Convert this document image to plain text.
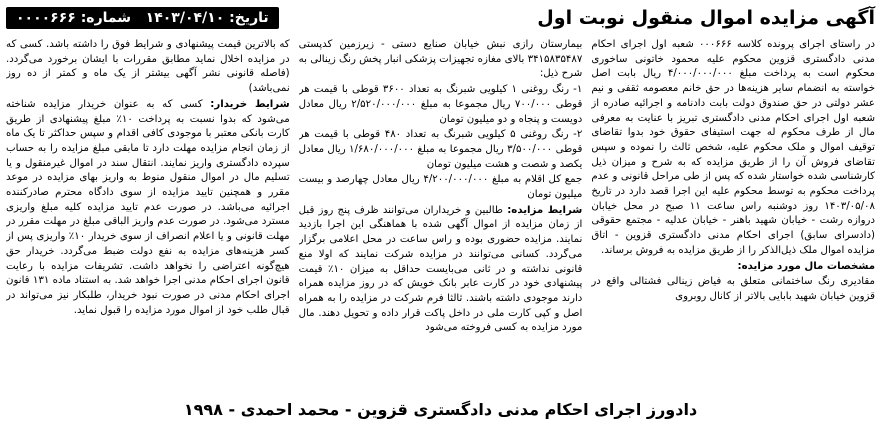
آگهی مزایده اموال منقول نوبت اول
تاریخ: ۱۴۰۳/۰۴/۱۰   شماره: ۰۰۰۰۶۶۶

در راستای اجرای پرونده کلاسه ۰۰۰۶۶۶ شعبه اول اجرای احکام مدنی دادگستری قزوین محکوم علیه محمود خاتونی ساخوری محکوم است به پرداخت مبلغ ۴/۰۰۰/۰۰۰/۰۰۰ ریال بابت اصل خواسته به انضمام سایر هزینه‌ها در حق خانم معصومه ثقفی و نیم عشر دولتی در حق صندوق دولت بابت دادنامه و اجرائیه صادره از شعبه اول اجرای احکام مدنی دادگستری تبریز با عنایت به معرفی مال از طرف محکوم له جهت استیفای حقوق خود بدوا تقاضای توقیف اموال و ملک محکوم علیه، شخص ثالث را نموده و سپس تقاضای فروش آن را از طریق مزایده که به شرح و میزان ذیل کارشناسی شده خواستار شده که پس از طی مراحل قانونی و عدم پرداخت محکوم به توسط محکوم علیه این اجرا قصد دارد در تاریخ ۱۴۰۳/۰۵/۰۸ روز دوشنبه راس ساعت ۱۱ صبح در محل خیابان دروازه رشت - خیابان شهید باهنر - خیابان عدلیه - مجتمع حقوقی (دادسرای سابق) اجرای احکام مدنی دادگستری قزوین - اتاق مزایده اموال ملک ذیل‌الذکر را از طریق مزایده به فروش برساند.

مشخصات مال مورد مزایده:

مقادیری رنگ ساختمانی متعلق به فیاض زینالی فشتالی واقع در قزوین خیابان شهید بابایی بالاتر از کانال روبروی

بیمارستان رازی نبش خیابان صنایع دستی - زیرزمین کدپستی ۳۴۱۵۸۳۵۴۸۷ بالای مغازه تجهیزات پزشکی انبار پخش رنگ زینالی به شرح ذیل:

۱- رنگ روغنی ۱ کیلویی شبرنگ به تعداد ۳۶۰۰ قوطی با قیمت هر قوطی ۷۰۰/۰۰۰ ریال مجموعا به مبلغ ۲/۵۲۰/۰۰۰/۰۰۰ ریال معادل دویست و پنجاه و دو میلیون تومان

۲- رنگ روغنی ۵ کیلویی شبرنگ به تعداد ۴۸۰ قوطی با قیمت هر قوطی ۳/۵۰۰/۰۰۰ ریال مجموعا به مبلغ ۱/۶۸۰/۰۰۰/۰۰۰ ریال معادل یکصد و شصت و هشت میلیون تومان

جمع کل اقلام به مبلغ ۴/۲۰۰/۰۰۰/۰۰۰ ریال معادل چهارصد و بیست میلیون تومان

شرایط مزایده: طالبین و خریداران می‌توانند ظرف پنج روز قبل از زمان مزایده از اموال آگهی شده با هماهنگی این اجرا بازدید نمایند. مزایده حضوری بوده و راس ساعت در محل اعلامی برگزار می‌گردد. کسانی می‌توانند در مزایده شرکت نمایند که اولا منع قانونی نداشته و در ثانی می‌بایست حداقل به میزان ۱۰٪ قیمت پیشنهادی خود در کارت عابر بانک خویش که در روز مزایده همراه دارند موجودی داشته باشند. ثالثا فرم شرکت در مزایده را به همراه اصل و کپی کارت ملی در داخل پاکت قرار داده و تحویل دهند. مال مورد مزایده به کسی فروخته می‌شود

که بالاترین قیمت پیشنهادی و شرایط فوق را داشته باشد. کسی که در مزایده اخلال نماید مطابق مقررات با ایشان برخورد می‌گردد. (فاصله قانونی نشر آگهی بیشتر از یک ماه و کمتر از ده روز نمی‌باشد)

شرایط خریدار: کسی که به عنوان خریدار مزایده شناخته می‌شود که بدوا نسبت به پرداخت ۱۰٪ مبلغ پیشنهادی از طریق کارت بانکی معتبر با موجودی کافی اقدام و سپس حداکثر تا یک ماه از زمان انجام مزایده مهلت دارد تا مابقی مبلغ مزایده را به حساب سپرده دادگستری واریز نمایند. انتقال سند در اموال غیرمنقول و یا تسلیم مال در اموال منقول منوط به واریز بهای مزایده در موعد مقرر و همچنین تایید مزایده از سوی دادگاه محترم صادرکننده اجرائیه می‌باشد. در صورت عدم تایید مزایده کلیه مبلغ واریزی مسترد می‌شود. در صورت عدم واریز الباقی مبلغ در مهلت مقرر در مهلت قانونی و یا اعلام انصراف از سوی خریدار ۱۰٪ واریزی پس از کسر هزینه‌های مزایده به نفع دولت ضبط می‌گردد. خریدار حق هیچ‌گونه اعتراضی را نخواهد داشت. تشریفات مزایده با رعایت قانون اجرای احکام مدنی اجرا خواهد شد. به استناد ماده ۱۳۱ قانون اجرای احکام مدنی در صورت نبود خریدار، طلبکار نیز می‌تواند در قبال طلب خود از اموال مورد مزایده را قبول نماید.

دادورز اجرای احکام مدنی دادگستری قزوین - محمد احمدی - ۱۹۹۸
